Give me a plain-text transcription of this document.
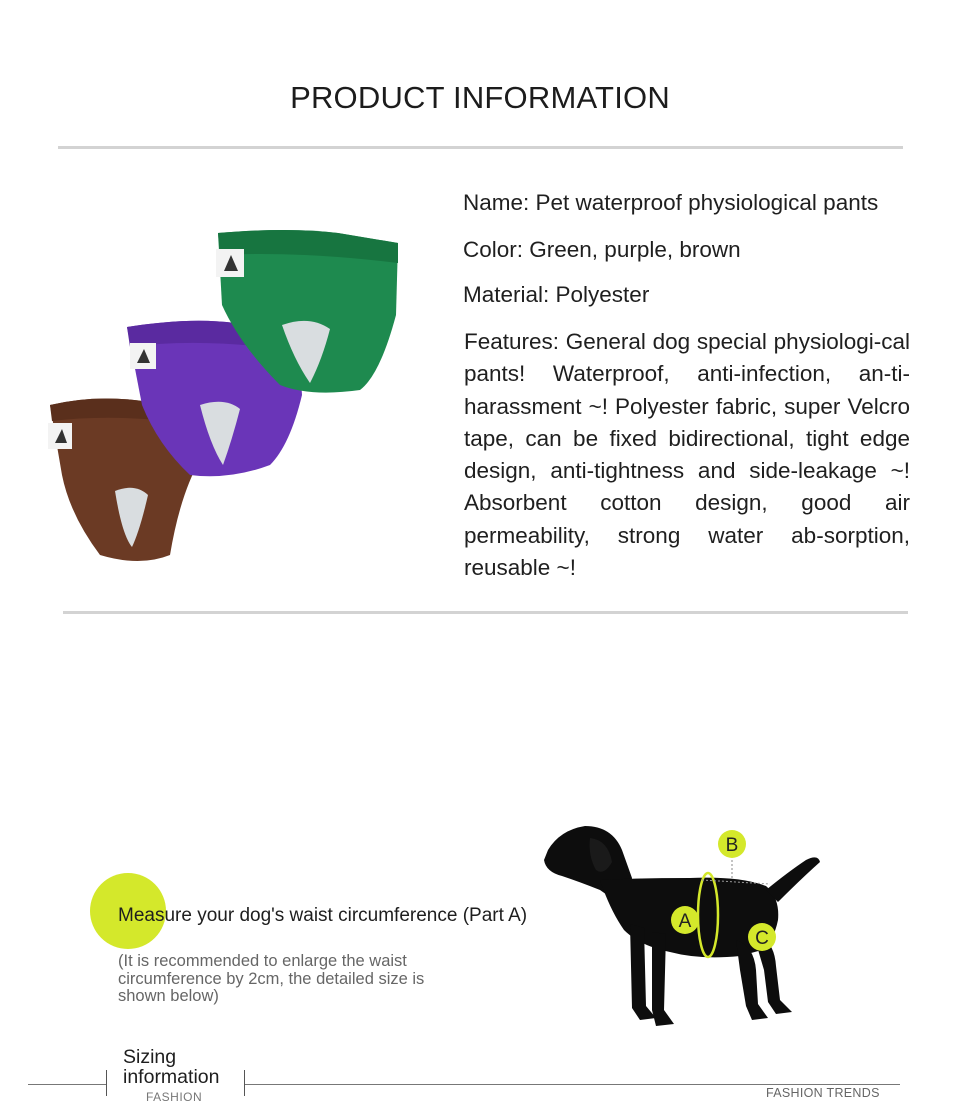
PRODUCT INFORMATION
Name: Pet waterproof physiological pants
Color: Green, purple, brown
Material: Polyester
Features: General dog special physiologi-cal pants! Waterproof, anti-infection, an-ti-harassment ~! Polyester fabric, super Velcro tape, can be fixed bidirectional, tight edge design, anti-tightness and side-leakage ~! Absorbent cotton design, good air permeability, strong water ab-sorption, reusable ~!
Measure your dog's waist circumference (Part A)
(It is recommended to enlarge the waist circumference by 2cm, the detailed size is shown below)
A
B
C
Sizing
information
FASHION	FASHION TRENDS
